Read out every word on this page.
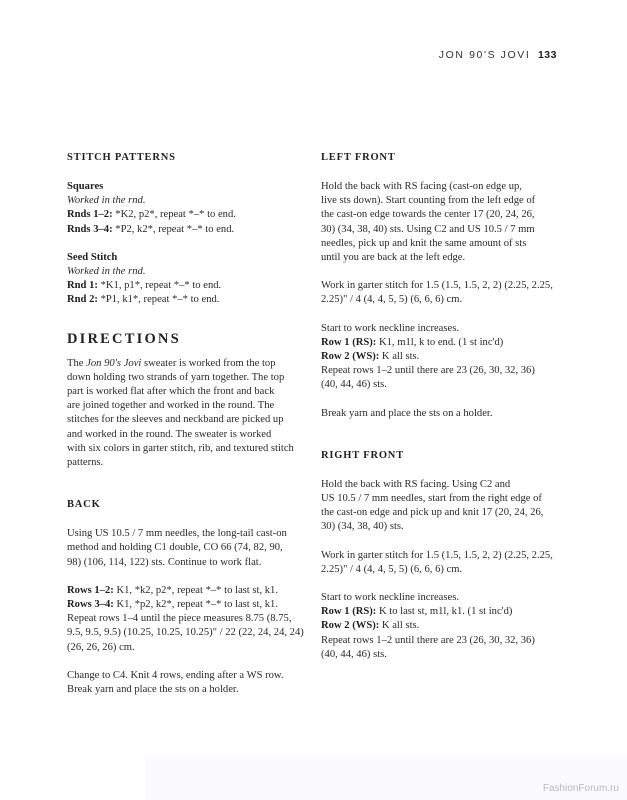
JON 90'S JOVI 133
STITCH PATTERNS
Squares
Worked in the rnd.
Rnds 1–2: *K2, p2*, repeat *–* to end.
Rnds 3–4: *P2, k2*, repeat *–* to end.
Seed Stitch
Worked in the rnd.
Rnd 1: *K1, p1*, repeat *–* to end.
Rnd 2: *P1, k1*, repeat *–* to end.
DIRECTIONS
The Jon 90's Jovi sweater is worked from the top
down holding two strands of yarn together. The top
part is worked flat after which the front and back
are joined together and worked in the round. The
stitches for the sleeves and neckband are picked up
and worked in the round. The sweater is worked
with six colors in garter stitch, rib, and textured stitch
patterns.
BACK
Using US 10.5 / 7 mm needles, the long-tail cast-on
method and holding C1 double, CO 66 (74, 82, 90,
98) (106, 114, 122) sts. Continue to work flat.
Rows 1–2: K1, *k2, p2*, repeat *–* to last st, k1.
Rows 3–4: K1, *p2, k2*, repeat *–* to last st, k1.
Repeat rows 1–4 until the piece measures 8.75 (8.75,
9.5, 9.5, 9.5) (10.25, 10.25, 10.25)" / 22 (22, 24, 24, 24)
(26, 26, 26) cm.
Change to C4. Knit 4 rows, ending after a WS row.
Break yarn and place the sts on a holder.
LEFT FRONT
Hold the back with RS facing (cast-on edge up,
live sts down). Start counting from the left edge of
the cast-on edge towards the center 17 (20, 24, 26,
30) (34, 38, 40) sts. Using C2 and US 10.5 / 7 mm
needles, pick up and knit the same amount of sts
until you are back at the left edge.
Work in garter stitch for 1.5 (1.5, 1.5, 2, 2) (2.25, 2.25,
2.25)" / 4 (4, 4, 5, 5) (6, 6, 6) cm.
Start to work neckline increases.
Row 1 (RS): K1, m1l, k to end. (1 st inc'd)
Row 2 (WS): K all sts.
Repeat rows 1–2 until there are 23 (26, 30, 32, 36)
(40, 44, 46) sts.
Break yarn and place the sts on a holder.
RIGHT FRONT
Hold the back with RS facing. Using C2 and
US 10.5 / 7 mm needles, start from the right edge of
the cast-on edge and pick up and knit 17 (20, 24, 26,
30) (34, 38, 40) sts.
Work in garter stitch for 1.5 (1.5, 1.5, 2, 2) (2.25, 2.25,
2.25)" / 4 (4, 4, 5, 5) (6, 6, 6) cm.
Start to work neckline increases.
Row 1 (RS): K to last st, m1l, k1. (1 st inc'd)
Row 2 (WS): K all sts.
Repeat rows 1–2 until there are 23 (26, 30, 32, 36)
(40, 44, 46) sts.
FashionForum.ru
